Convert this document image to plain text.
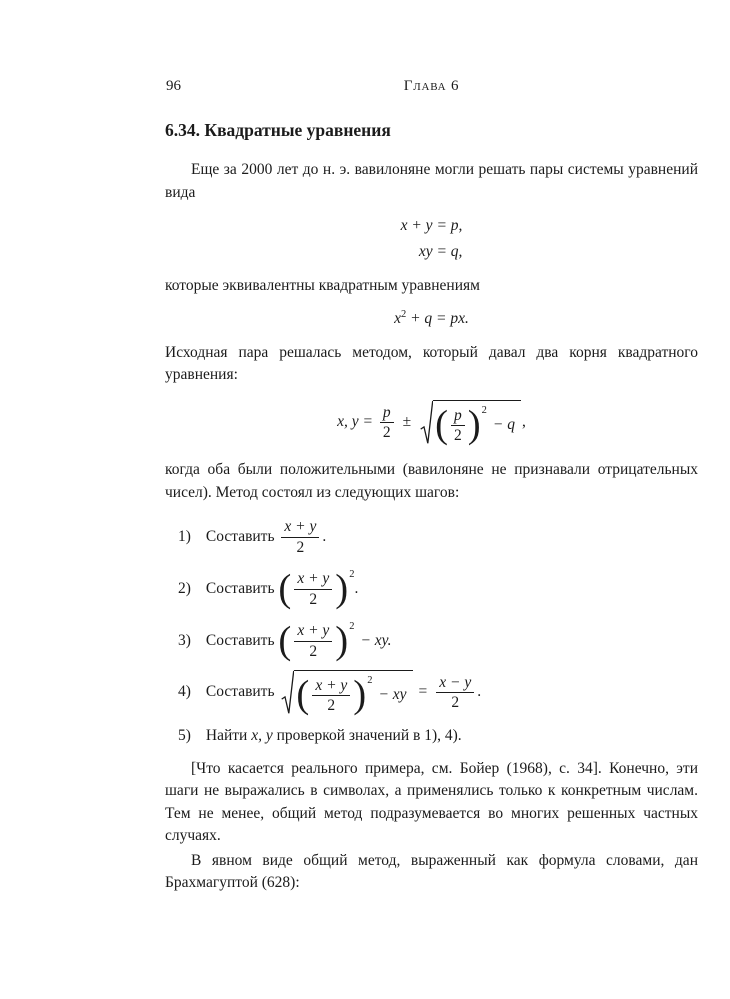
96	Глава 6
6.34. Квадратные уравнения

Еще за 2000 лет до н. э. вавилоняне могли решать пары системы уравнений вида

x + y = p,
xy = q,

которые эквивалентны квадратным уравнениям

$x^2 + q$ = px.

Исходная пара решалась методом, который давал два корня квадратного уравнения:

x, $y = \frac{p}{2}$ ± ( $\frac{p}{2} )^2- q$ ,

когда оба были положительными (вавилоняне не признавали отрицательных чисел). Метод состоял из следующих шагов:

1) Составить $\frac{x + y}{2}$ .
2) Составить ( $\frac{x + y}{2} )^2$.
3) Составить ( $\frac{x + y}{2} )^2-$ xy.
4) Составить ( $\frac{x + y}{2} )^2-$ xy = $\frac{x - y}{2}$ .
5) Найти x, y проверкой значений в 1), 4).

[Что касается реального примера, см. Бойер (1968), с. 34]. Конечно, эти шаги не выражались в символах, а применялись только к конкретным числам. Тем не менее, общий метод подразумевается во многих решенных частных случаях.

В явном виде общий метод, выраженный как формула словами, дан Брахмагуптой (628):
